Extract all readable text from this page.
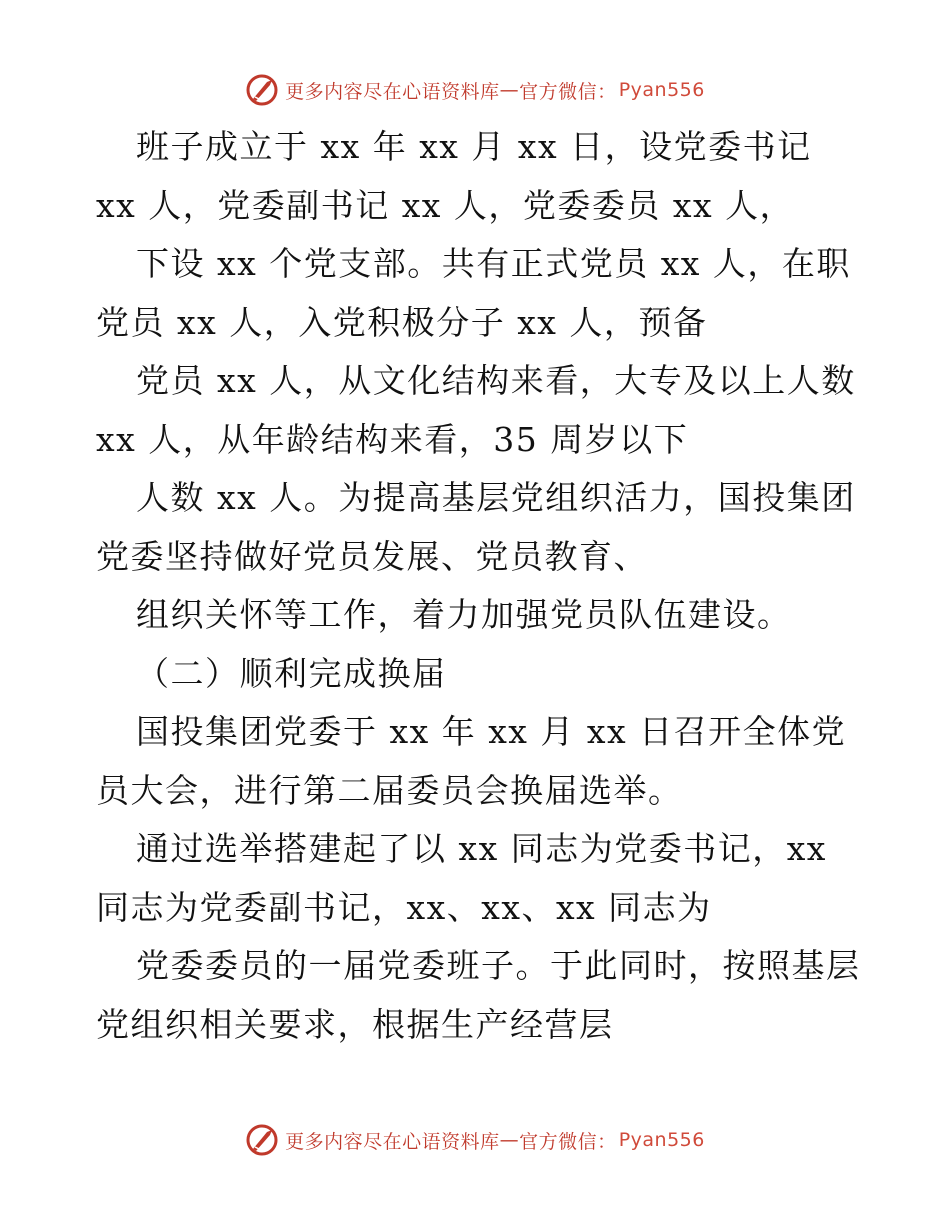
更多内容尽在心语资料库 — 官方微信： Pyan556
班子成立于 xx 年 xx 月 xx 日，设党委书记
xx 人，党委副书记 xx 人，党委委员 xx 人，
下设 xx 个党支部。共有正式党员 xx 人，在职
党员 xx 人，入党积极分子 xx 人，预备
党员 xx 人，从文化结构来看，大专及以上人数
xx 人，从年龄结构来看，35 周岁以下
人数 xx 人。为提高基层党组织活力，国投集团
党委坚持做好党员发展、党员教育、
组织关怀等工作，着力加强党员队伍建设。
（二）顺利完成换届
国投集团党委于 xx 年 xx 月 xx 日召开全体党
员大会，进行第二届委员会换届选举。
通过选举搭建起了以 xx 同志为党委书记，xx
同志为党委副书记，xx、xx、xx 同志为
党委委员的一届党委班子。于此同时，按照基层
党组织相关要求，根据生产经营层
更多内容尽在心语资料库 — 官方微信： Pyan556
